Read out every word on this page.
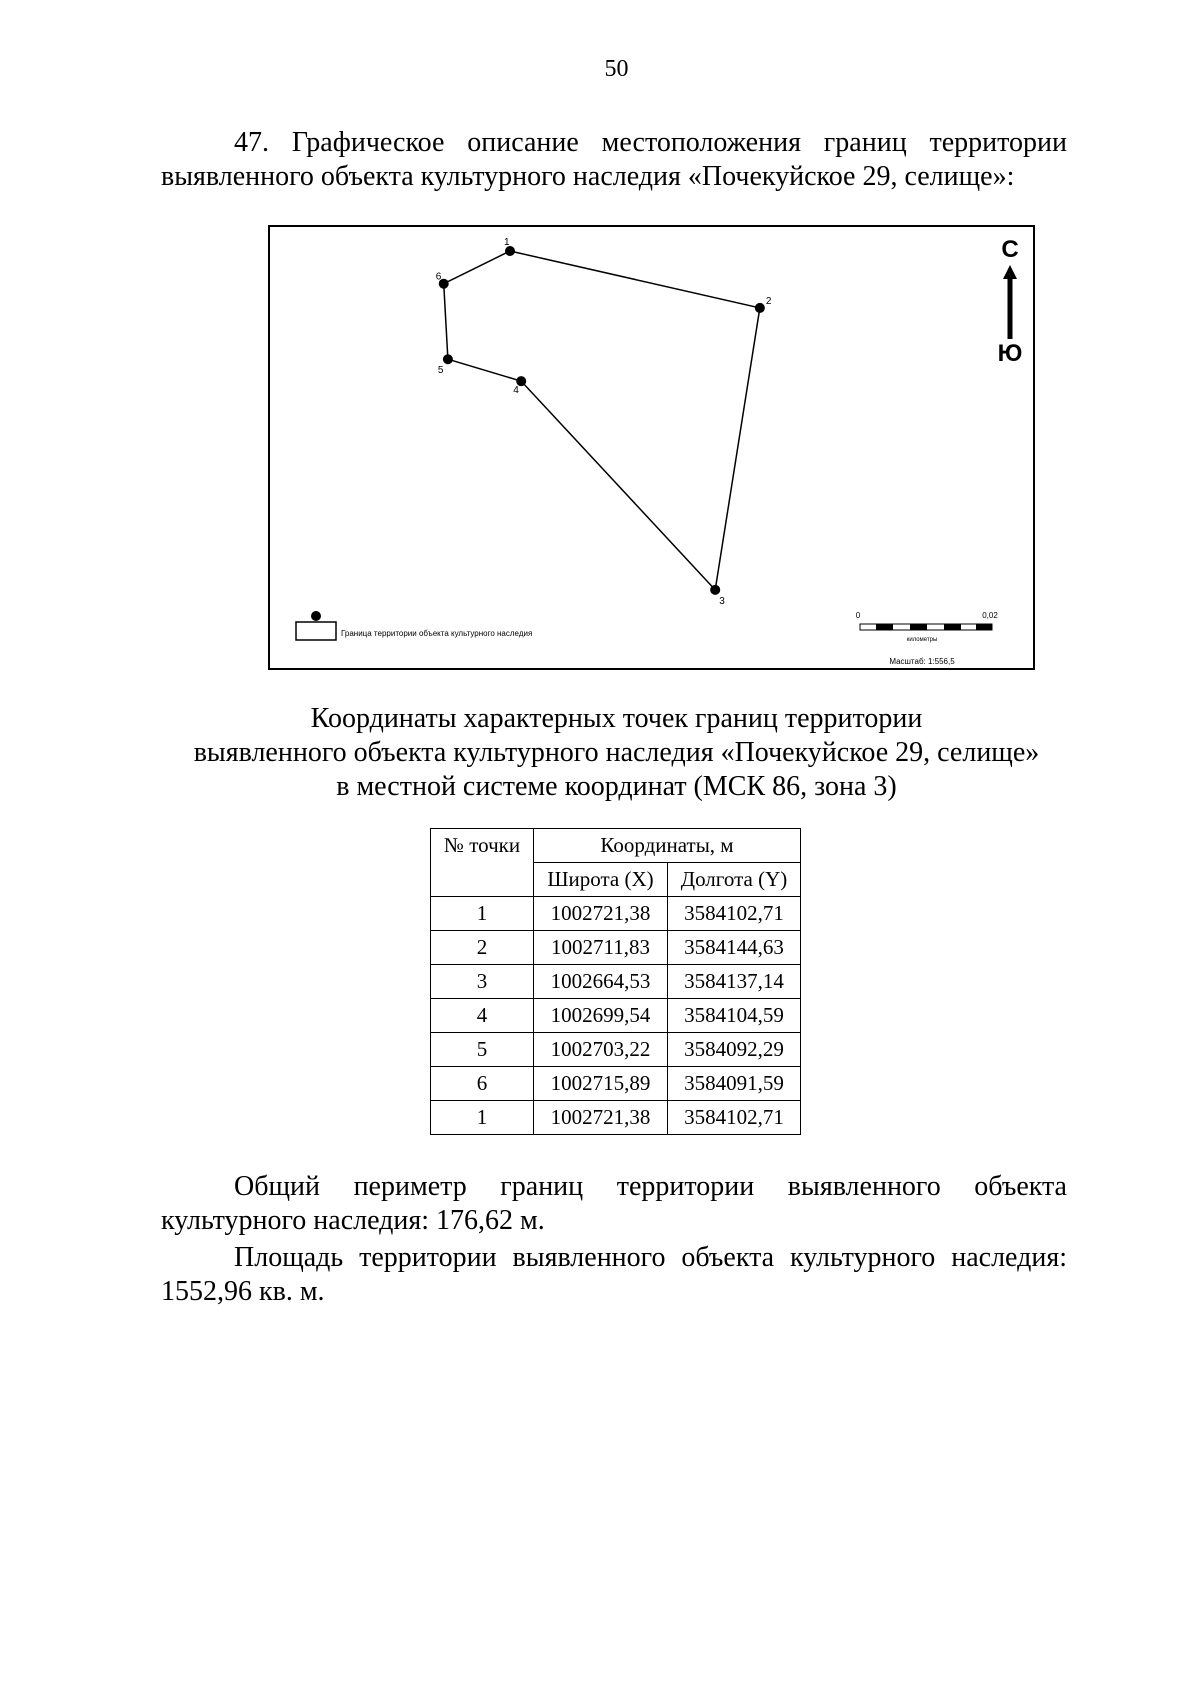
50
47. Графическое описание местоположения границ территории выявленного объекта культурного наследия «Почекуйское 29, селище»:
1
2
3
4
5
6
С
Ю
Граница территории объекта культурного наследия
0	0,02
километры
Масштаб: 1:556,5
Координаты характерных точек границ территории
выявленного объекта культурного наследия «Почекуйское 29, селище»
в местной системе координат (МСК 86, зона 3)
№ точки	Координаты, м	
	Широта (X)	Долгота (Y)
1	1002721,38	3584102,71
2	1002711,83	3584144,63
3	1002664,53	3584137,14
4	1002699,54	3584104,59
5	1002703,22	3584092,29
6	1002715,89	3584091,59
1	1002721,38	3584102,71
Общий периметр границ территории выявленного объекта культурного наследия: 176,62 м.
Площадь территории выявленного объекта культурного наследия: 1552,96 кв. м.
